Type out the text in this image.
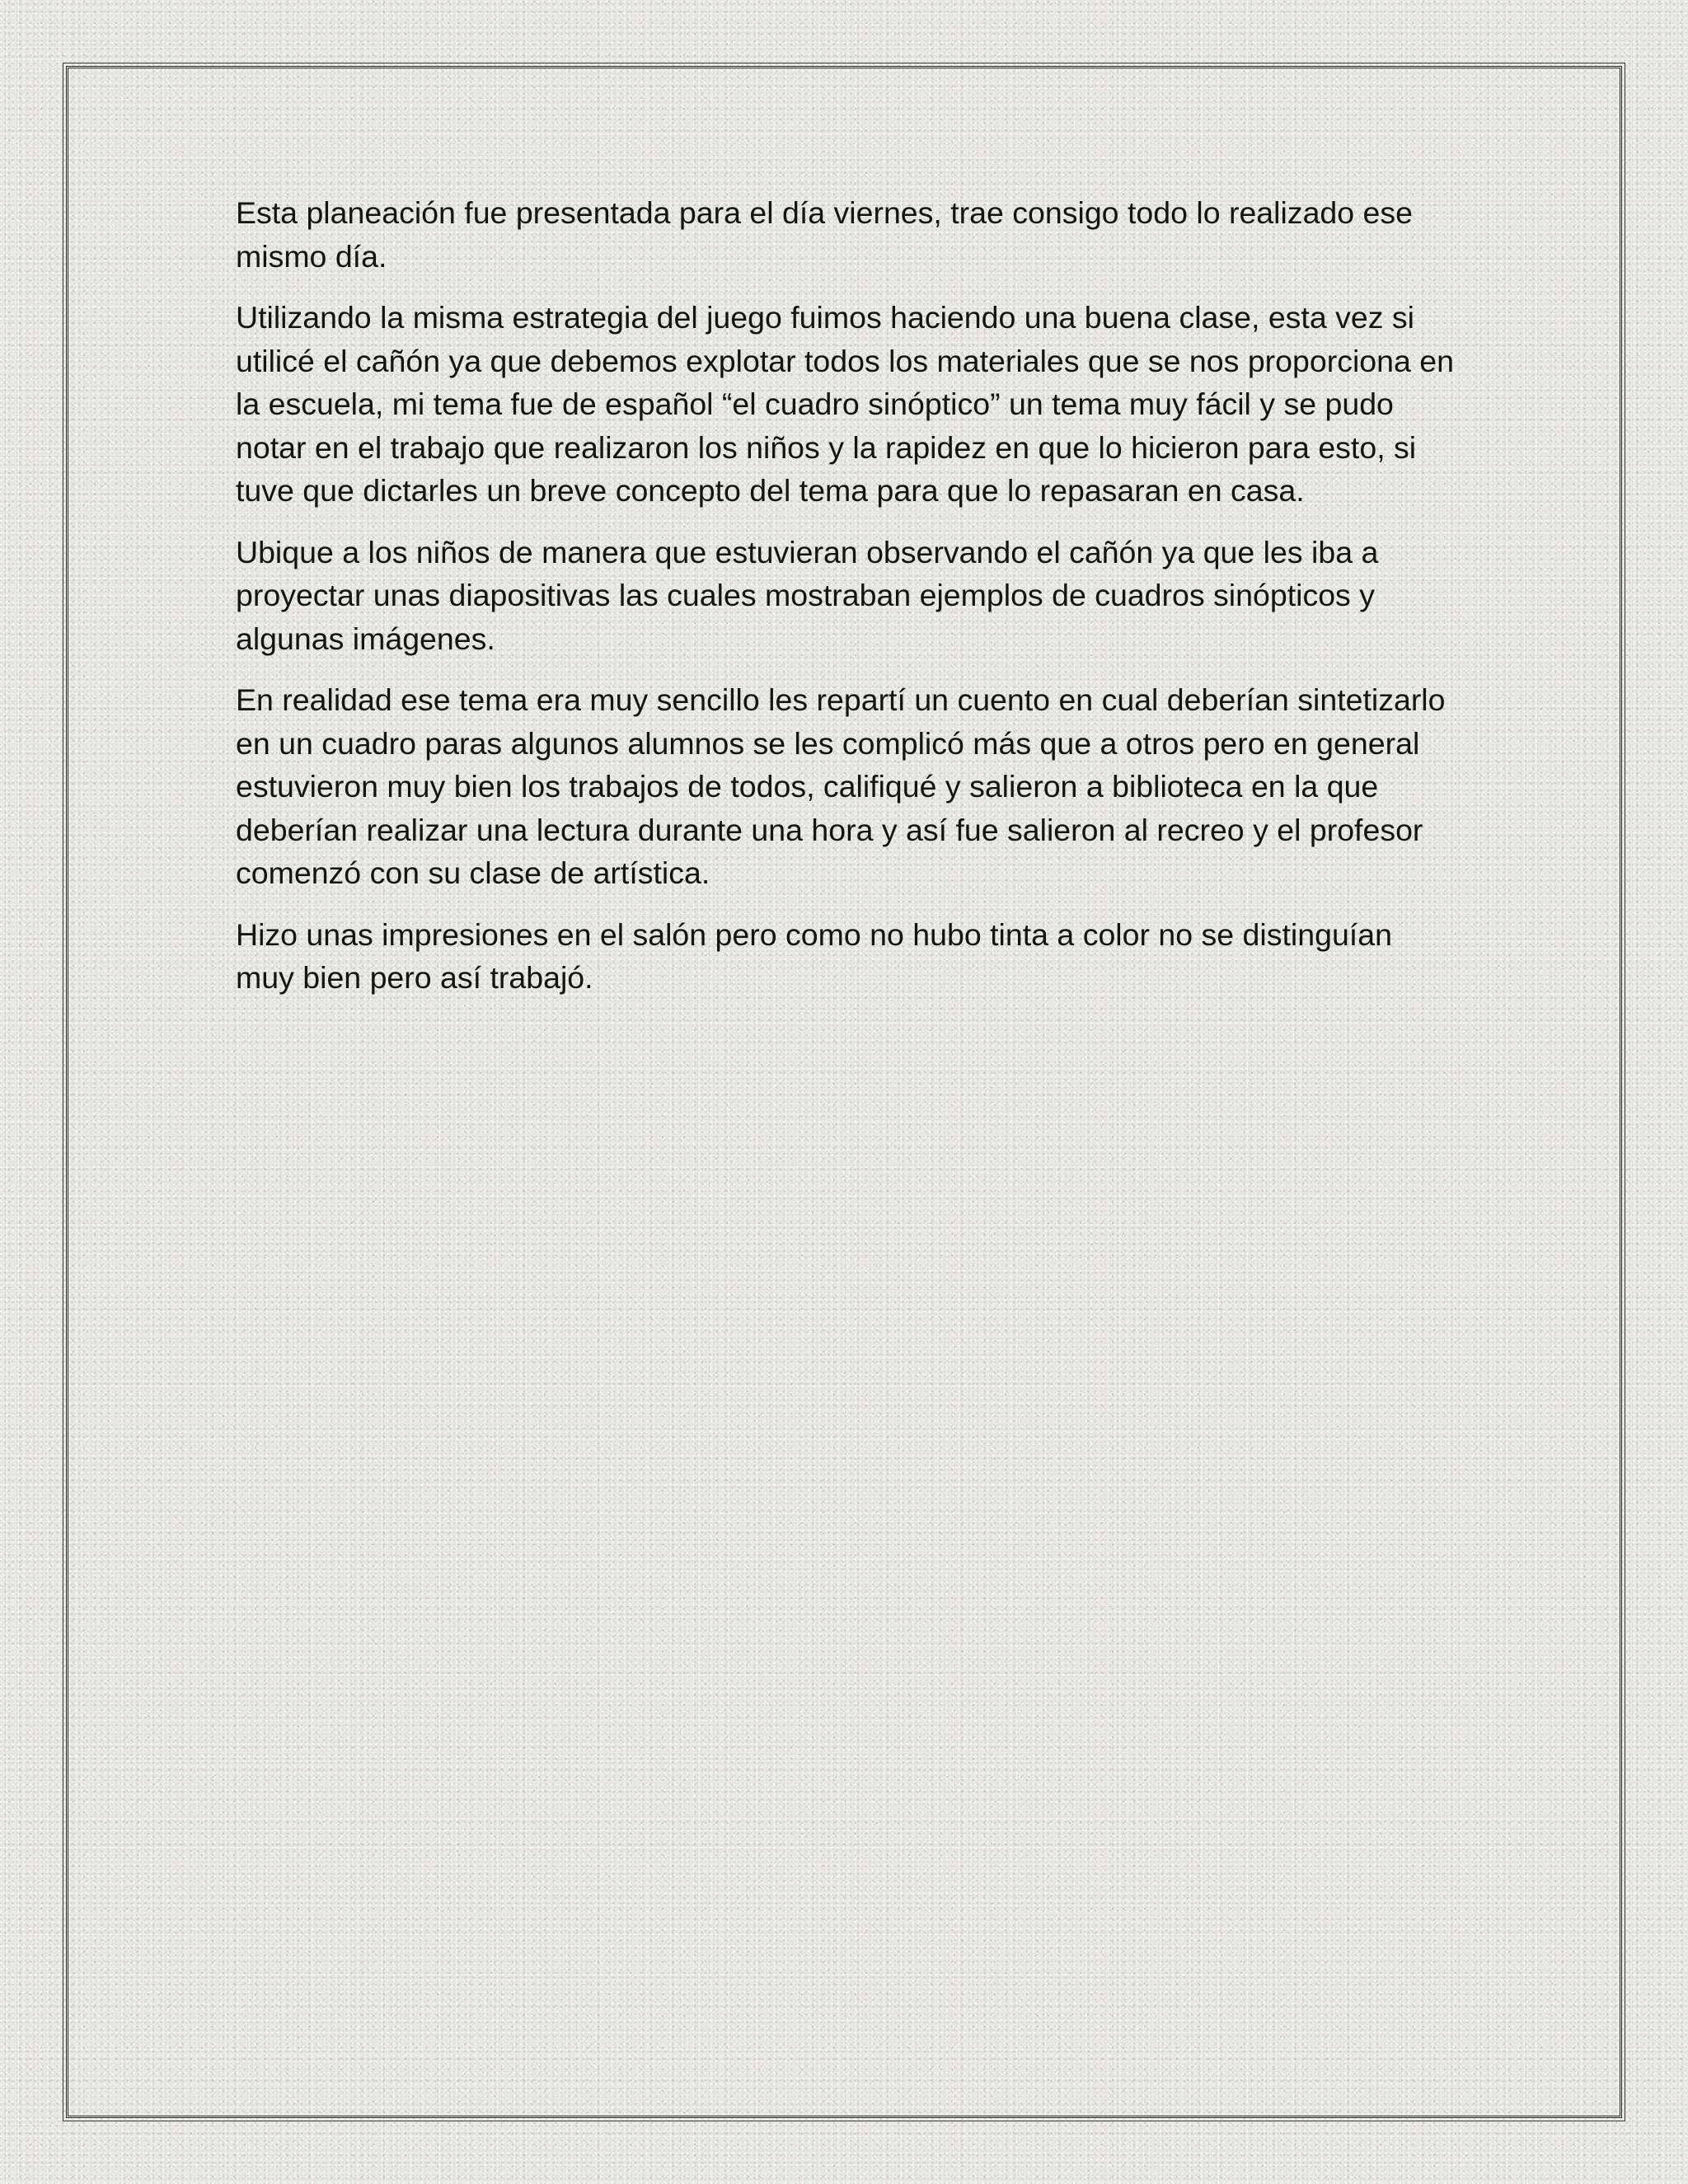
Esta planeación fue presentada para el día viernes, trae consigo todo lo realizado ese mismo día.

Utilizando la misma estrategia del juego fuimos haciendo una buena clase, esta vez si utilicé el cañón ya que debemos explotar todos los materiales que se nos proporciona en la escuela, mi tema fue de español “el cuadro sinóptico” un tema muy fácil y se pudo notar en el trabajo que realizaron los niños y la rapidez en que lo hicieron para esto, si tuve que dictarles un breve concepto del tema para que lo repasaran en casa.

Ubique a los niños de manera que estuvieran observando el cañón ya que les iba a proyectar unas diapositivas las cuales mostraban ejemplos de cuadros sinópticos y algunas imágenes.

En realidad ese tema era muy sencillo les repartí un cuento en cual deberían sintetizarlo en un cuadro paras algunos alumnos se les complicó más que a otros pero en general estuvieron muy bien los trabajos de todos, califiqué y salieron a biblioteca en la que deberían realizar una lectura durante una hora y así fue salieron al recreo y el profesor comenzó con su clase de artística.

Hizo unas impresiones en el salón pero como no hubo tinta a color no se distinguían muy bien pero así trabajó.
